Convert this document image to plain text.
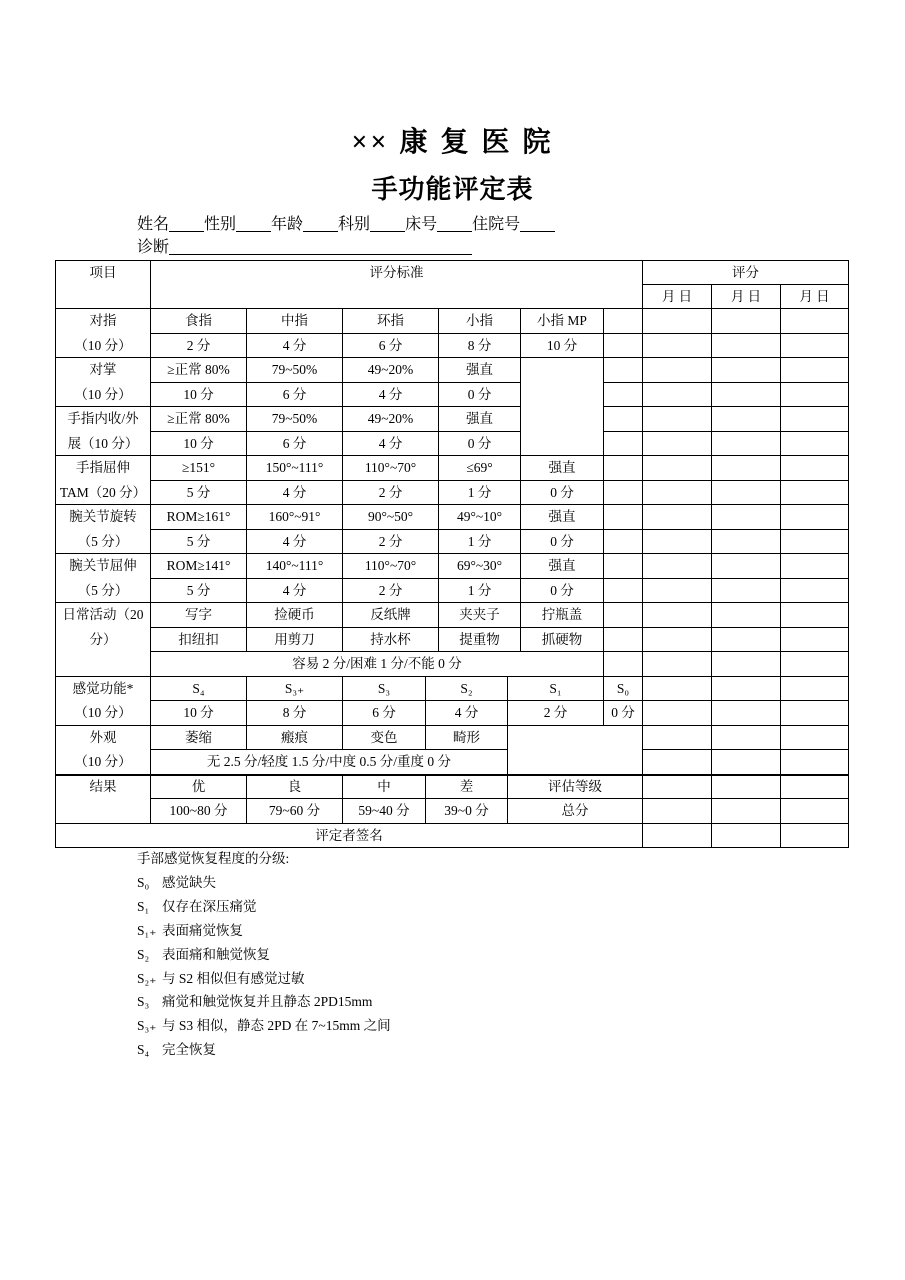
×× 康 复 医 院
手功能评定表
姓名 性别 年龄 科别 床号 住院号
诊断
项目	评分标准	评分
月 日	月 日	月 日
对指
（10 分）
食指	中指	环指	小指	小指 MP
2 分	4 分	6 分	8 分	10 分
对掌
（10 分）
≥正常 80%	79~50%	49~20%	强直
10 分	6 分	4 分	0 分
手指内收/外
展（10 分）
≥正常 80%	79~50%	49~20%	强直
10 分	6 分	4 分	0 分
手指屈伸
TAM（20 分）
≥151°	150°~111°	110°~70°	≤69°	强直
5 分	4 分	2 分	1 分	0 分
腕关节旋转
（5 分）
ROM≥161°	160°~91°	90°~50°	49°~10°	强直
5 分	4 分	2 分	1 分	0 分
腕关节屈伸
（5 分）
ROM≥141°	140°~111°	110°~70°	69°~30°	强直
5 分	4 分	2 分	1 分	0 分
日常活动（20
分）
写字	捡硬币	反纸牌	夹夹子	拧瓶盖
扣纽扣	用剪刀	持水杯	提重物	抓硬物
容易 2 分/困难 1 分/不能 0 分
感觉功能*
（10 分）
S₄	S₃₊	S₃	S₂	S₁	S₀
10 分	8 分	6 分	4 分	2 分	0 分
外观
（10 分）
萎缩	瘢痕	变色	畸形
无 2.5 分/轻度 1.5 分/中度 0.5 分/重度 0 分
结果	优	良	中	差	评估等级
100~80 分	79~60 分	59~40 分	39~0 分	总分
评定者签名
手部感觉恢复程度的分级:
S₀ 感觉缺失
S₁ 仅存在深压痛觉
S₁₊ 表面痛觉恢复
S₂ 表面痛和触觉恢复
S₂₊ 与 S2 相似但有感觉过敏
S₃ 痛觉和触觉恢复并且静态 2PD15mm
S₃₊ 与 S3 相似，静态 2PD 在 7~15mm 之间
S₄ 完全恢复
